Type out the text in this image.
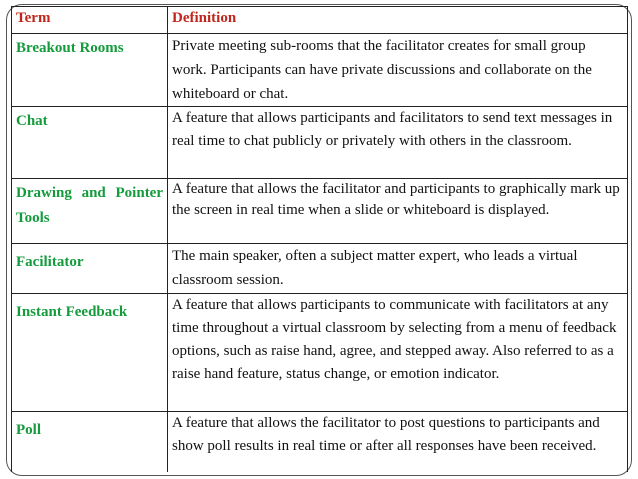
Term	Definition
Breakout Rooms	Private meeting sub-rooms that the facilitator creates for small group work. Participants can have private discussions and collaborate on the whiteboard or chat.

Chat	A feature that allows participants and facilitators to send text messages in real time to chat publicly or privately with others in the classroom.

Drawing and Pointer Tools	A feature that allows the facilitator and participants to graphically mark up the screen in real time when a slide or whiteboard is displayed.

Facilitator	The main speaker, often a subject matter expert, who leads a virtual classroom session.

Instant Feedback	A feature that allows participants to communicate with facilitators at any time throughout a virtual classroom by selecting from a menu of feedback options, such as raise hand, agree, and stepped away. Also referred to as a raise hand feature, status change, or emotion indicator.

Poll	A feature that allows the facilitator to post questions to participants and show poll results in real time or after all responses have been received.
